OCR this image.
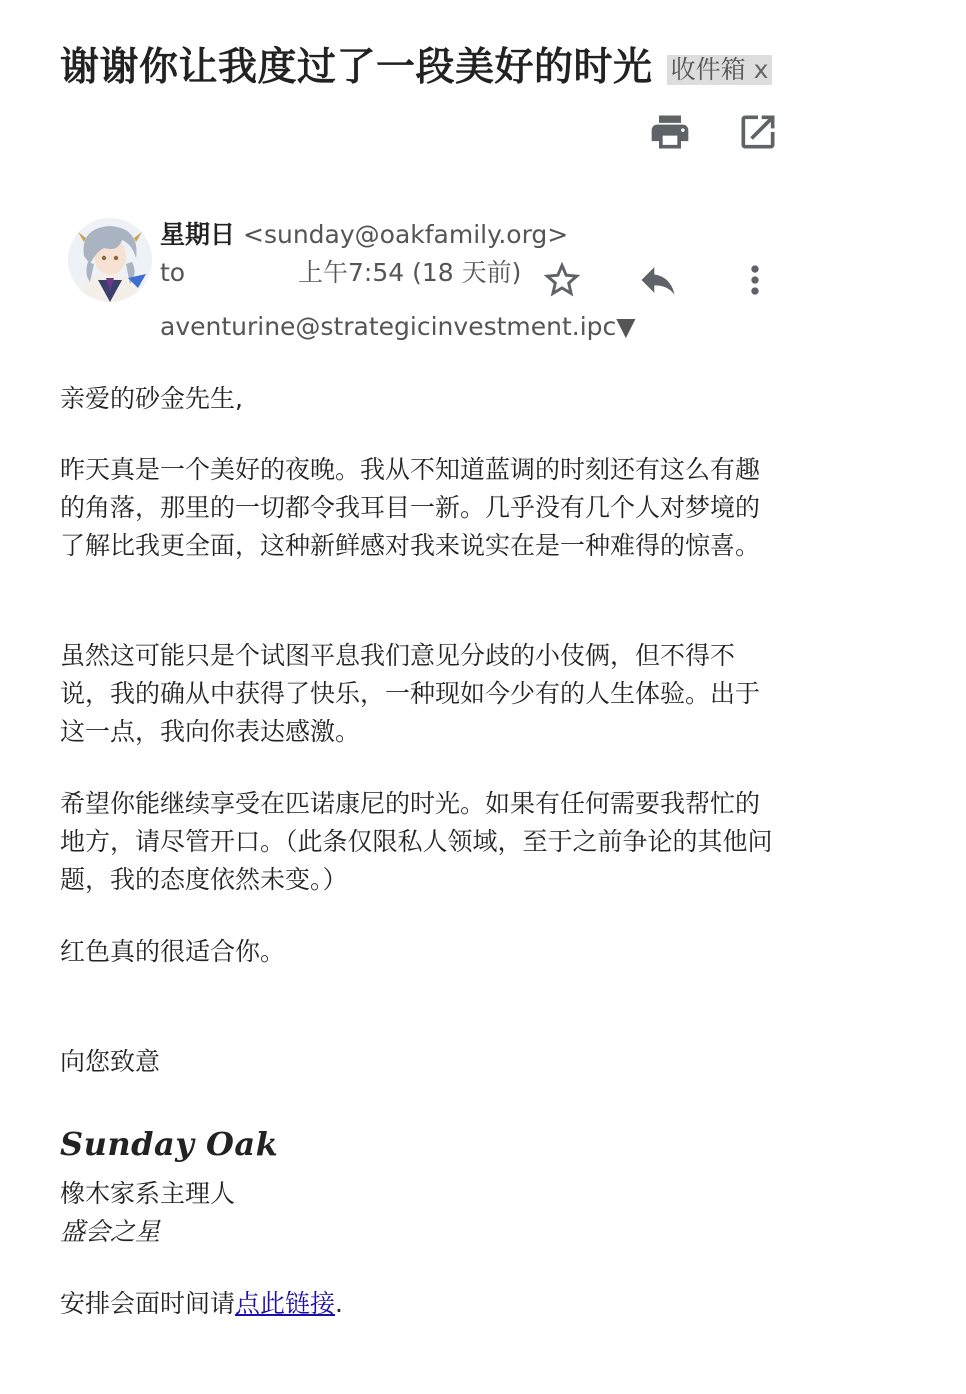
谢谢你让我度过了一段美好的时光 收件箱 x
星期日 <sunday@oakfamily.org>
to	上午7:54 (18 天前)
aventurine@strategicinvestment.ipc▼
亲爱的砂金先生,
昨天真是一个美好的夜晚。我从不知道蓝调的时刻还有这么有趣的角落，那里的一切都令我耳目一新。几乎没有几个人对梦境的了解比我更全面，这种新鲜感对我来说实在是一种难得的惊喜。
虽然这可能只是个试图平息我们意见分歧的小伎俩，但不得不说，我的确从中获得了快乐，一种现如今少有的人生体验。出于这一点，我向你表达感激。
希望你能继续享受在匹诺康尼的时光。如果有任何需要我帮忙的地方，请尽管开口。（此条仅限私人领域，至于之前争论的其他问题，我的态度依然未变。）
红色真的很适合你。
向您致意
Sunday Oak
橡木家系主理人
盛会之星
安排会面时间请点此链接.
